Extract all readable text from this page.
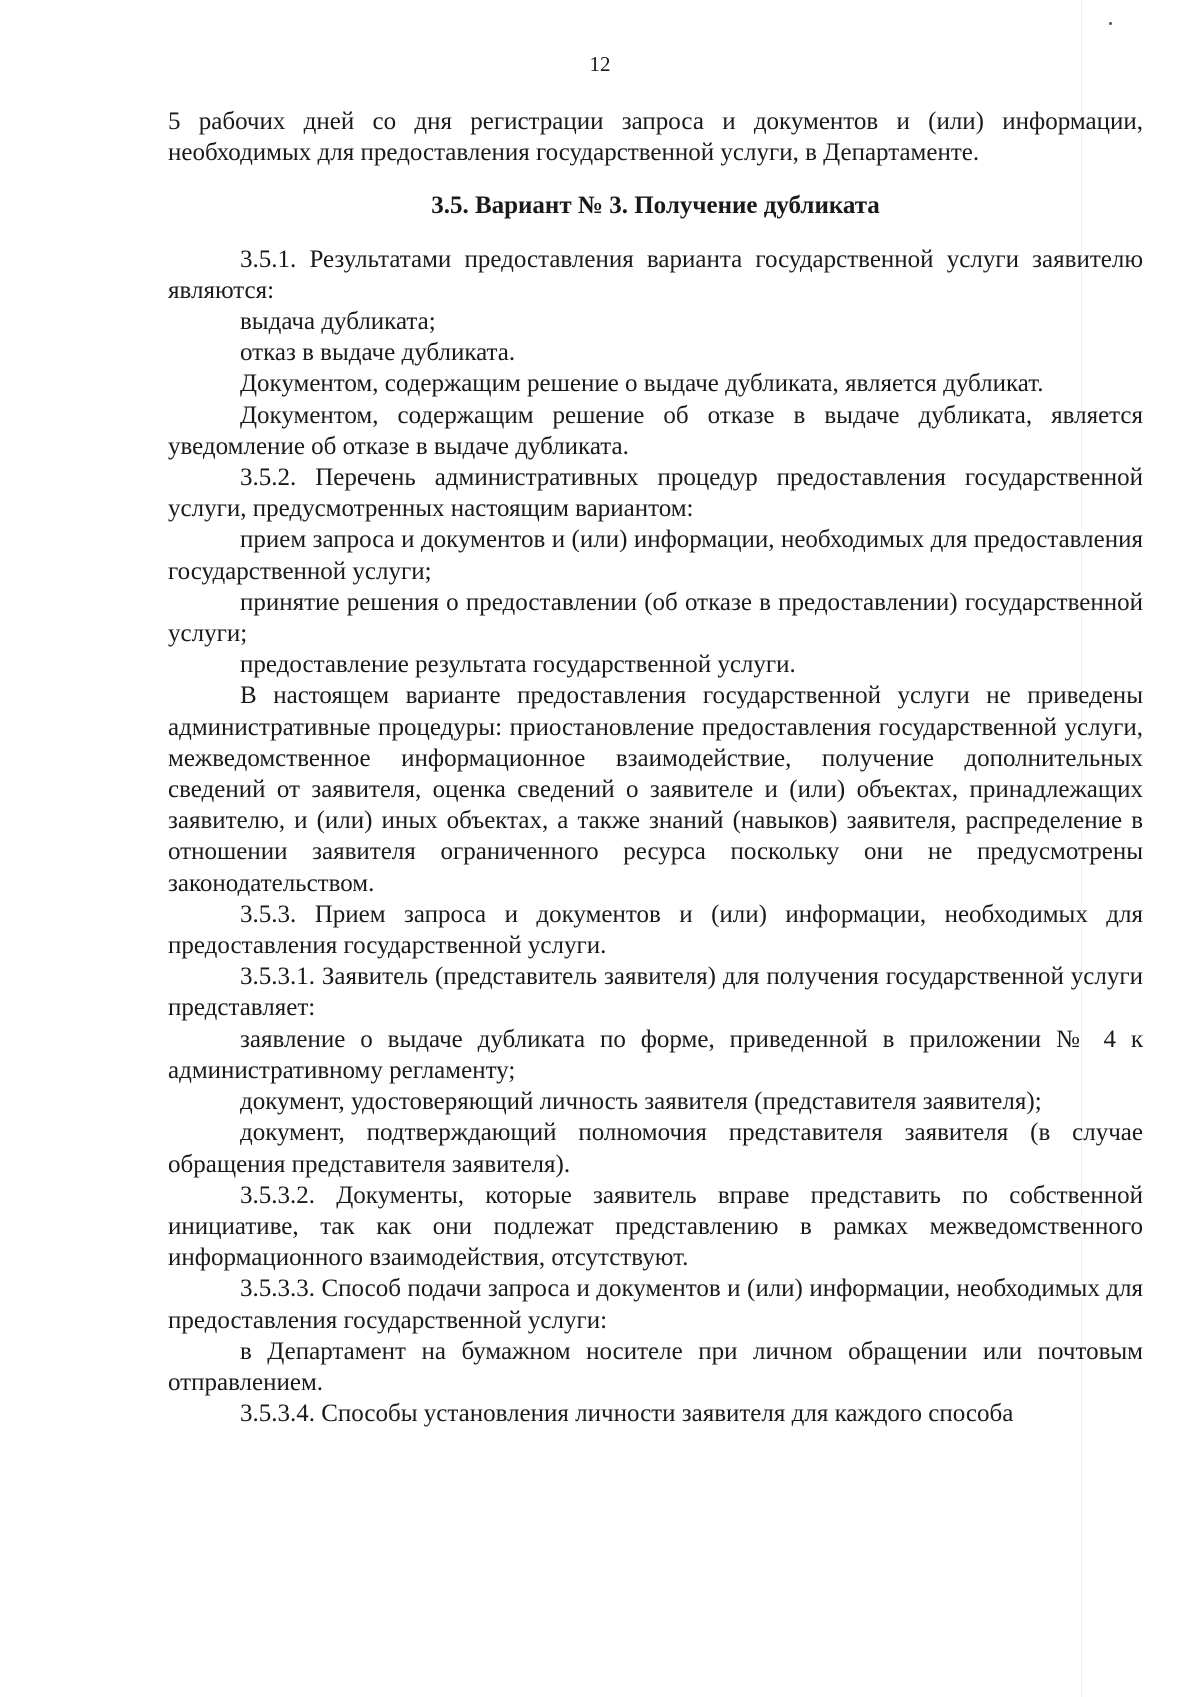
12

5 рабочих дней со дня регистрации запроса и документов и (или) информации, необходимых для предоставления государственной услуги, в Департаменте.

3.5. Вариант № 3. Получение дубликата

3.5.1. Результатами предоставления варианта государственной услуги заявителю являются:

выдача дубликата;

отказ в выдаче дубликата.

Документом, содержащим решение о выдаче дубликата, является дубликат.

Документом, содержащим решение об отказе в выдаче дубликата, является уведомление об отказе в выдаче дубликата.

3.5.2. Перечень административных процедур предоставления государственной услуги, предусмотренных настоящим вариантом:

прием запроса и документов и (или) информации, необходимых для предоставления государственной услуги;

принятие решения о предоставлении (об отказе в предоставлении) государственной услуги;

предоставление результата государственной услуги.

В настоящем варианте предоставления государственной услуги не приведены административные процедуры: приостановление предоставления государственной услуги, межведомственное информационное взаимодействие, получение дополнительных сведений от заявителя, оценка сведений о заявителе и (или) объектах, принадлежащих заявителю, и (или) иных объектах, а также знаний (навыков) заявителя, распределение в отношении заявителя ограниченного ресурса поскольку они не предусмотрены законодательством.

3.5.3. Прием запроса и документов и (или) информации, необходимых для предоставления государственной услуги.

3.5.3.1. Заявитель (представитель заявителя) для получения государственной услуги представляет:

заявление о выдаче дубликата по форме, приведенной в приложении № 4 к административному регламенту;

документ, удостоверяющий личность заявителя (представителя заявителя);

документ, подтверждающий полномочия представителя заявителя (в случае обращения представителя заявителя).

3.5.3.2. Документы, которые заявитель вправе представить по собственной инициативе, так как они подлежат представлению в рамках межведомственного информационного взаимодействия, отсутствуют.

3.5.3.3. Способ подачи запроса и документов и (или) информации, необходимых для предоставления государственной услуги:

в Департамент на бумажном носителе при личном обращении или почтовым отправлением.

3.5.3.4. Способы установления личности заявителя для каждого способа
